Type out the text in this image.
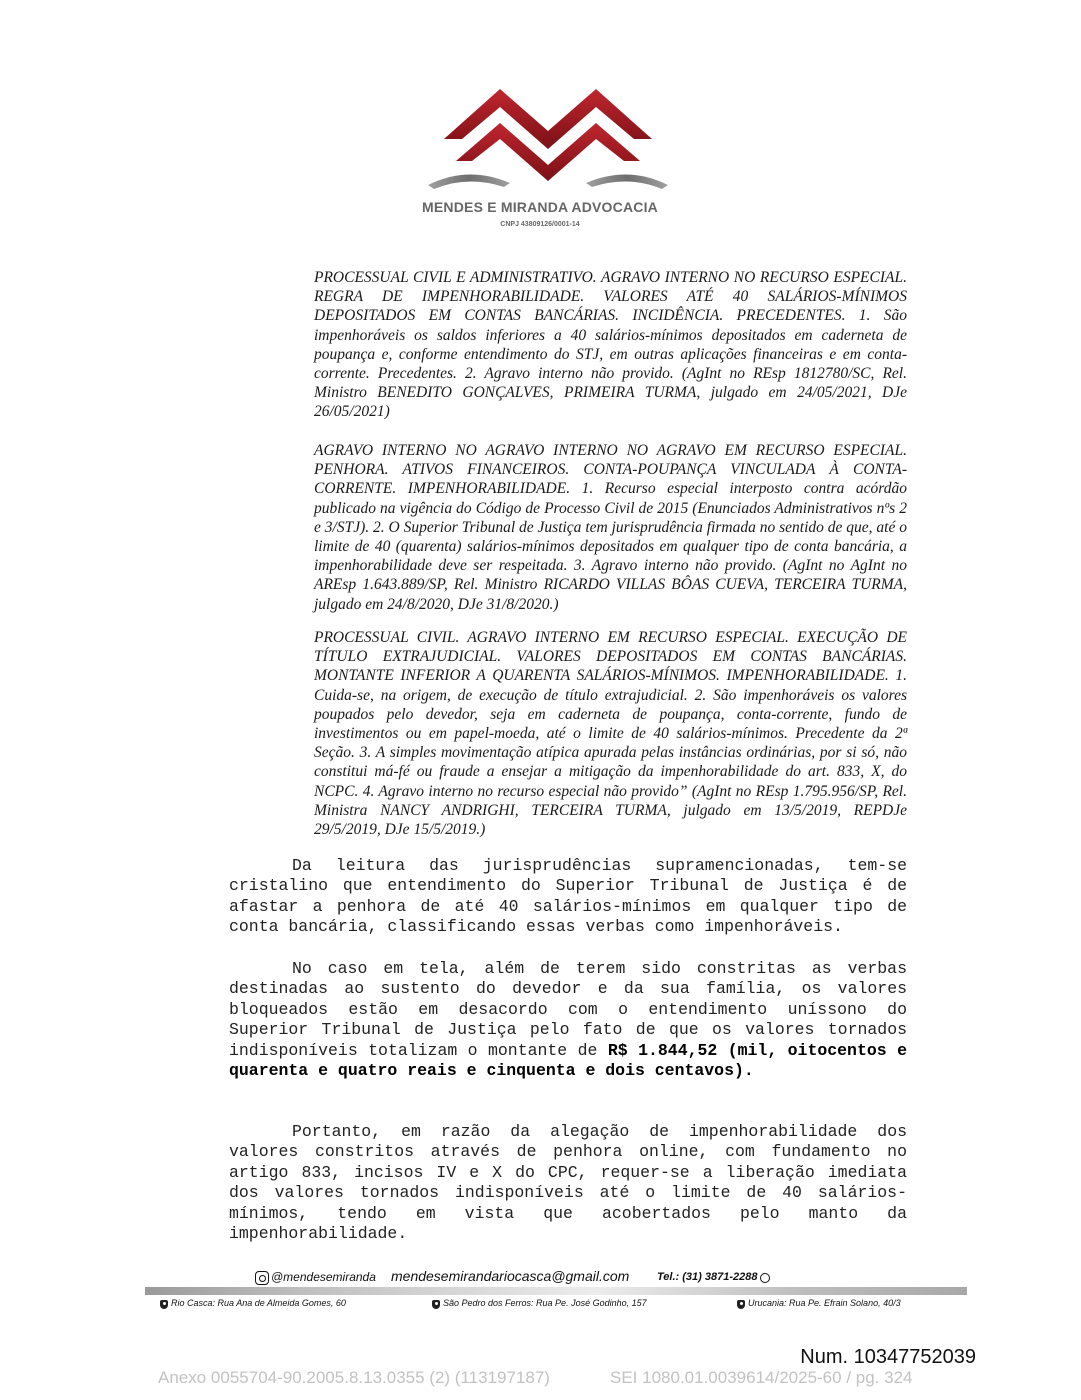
MENDES E MIRANDA ADVOCACIA
CNPJ 43809126/0001-14

PROCESSUAL CIVIL E ADMINISTRATIVO. AGRAVO INTERNO NO RECURSO ESPECIAL. REGRA DE IMPENHORABILIDADE. VALORES ATÉ 40 SALÁRIOS-MÍNIMOS DEPOSITADOS EM CONTAS BANCÁRIAS. INCIDÊNCIA. PRECEDENTES. 1. São impenhoráveis os saldos inferiores a 40 salários-mínimos depositados em caderneta de poupança e, conforme entendimento do STJ, em outras aplicações financeiras e em conta-corrente. Precedentes. 2. Agravo interno não provido. (AgInt no REsp 1812780/SC, Rel. Ministro BENEDITO GONÇALVES, PRIMEIRA TURMA, julgado em 24/05/2021, DJe 26/05/2021)

AGRAVO INTERNO NO AGRAVO INTERNO NO AGRAVO EM RECURSO ESPECIAL. PENHORA. ATIVOS FINANCEIROS. CONTA-POUPANÇA VINCULADA À CONTA-CORRENTE. IMPENHORABILIDADE. 1. Recurso especial interposto contra acórdão publicado na vigência do Código de Processo Civil de 2015 (Enunciados Administrativos nºs 2 e 3/STJ). 2. O Superior Tribunal de Justiça tem jurisprudência firmada no sentido de que, até o limite de 40 (quarenta) salários-mínimos depositados em qualquer tipo de conta bancária, a impenhorabilidade deve ser respeitada. 3. Agravo interno não provido. (AgInt no AgInt no AREsp 1.643.889/SP, Rel. Ministro RICARDO VILLAS BÔAS CUEVA, TERCEIRA TURMA, julgado em 24/8/2020, DJe 31/8/2020.)

PROCESSUAL CIVIL. AGRAVO INTERNO EM RECURSO ESPECIAL. EXECUÇÃO DE TÍTULO EXTRAJUDICIAL. VALORES DEPOSITADOS EM CONTAS BANCÁRIAS. MONTANTE INFERIOR A QUARENTA SALÁRIOS-MÍNIMOS. IMPENHORABILIDADE. 1. Cuida-se, na origem, de execução de título extrajudicial. 2. São impenhoráveis os valores poupados pelo devedor, seja em caderneta de poupança, conta-corrente, fundo de investimentos ou em papel-moeda, até o limite de 40 salários-mínimos. Precedente da 2ª Seção. 3. A simples movimentação atípica apurada pelas instâncias ordinárias, por si só, não constitui má-fé ou fraude a ensejar a mitigação da impenhorabilidade do art. 833, X, do NCPC. 4. Agravo interno no recurso especial não provido” (AgInt no REsp 1.795.956/SP, Rel. Ministra NANCY ANDRIGHI, TERCEIRA TURMA, julgado em 13/5/2019, REPDJe 29/5/2019, DJe 15/5/2019.)

Da leitura das jurisprudências supramencionadas, tem-se cristalino que entendimento do Superior Tribunal de Justiça é de afastar a penhora de até 40 salários-mínimos em qualquer tipo de conta bancária, classificando essas verbas como impenhoráveis.

No caso em tela, além de terem sido constritas as verbas destinadas ao sustento do devedor e da sua família, os valores bloqueados estão em desacordo com o entendimento uníssono do Superior Tribunal de Justiça pelo fato de que os valores tornados indisponíveis totalizam o montante de R$ 1.844,52 (mil, oitocentos e quarenta e quatro reais e cinquenta e dois centavos).

Portanto, em razão da alegação de impenhorabilidade dos valores constritos através de penhora online, com fundamento no artigo 833, incisos IV e X do CPC, requer-se a liberação imediata dos valores tornados indisponíveis até o limite de 40 salários-mínimos, tendo em vista que acobertados pelo manto da impenhorabilidade.

@mendesemiranda mendesemirandariocasca@gmail.com	Tel.: (31) 3871-2288
Rio Casca: Rua Ana de Almeida Gomes, 60	São Pedro dos Ferros: Rua Pe. José Godinho, 157	Urucania: Rua Pe. Efrain Solano, 40/3
Num. 10347752039
Anexo 0055704-90.2005.8.13.0355 (2) (113197187)	SEI 1080.01.0039614/2025-60 / pg. 324
